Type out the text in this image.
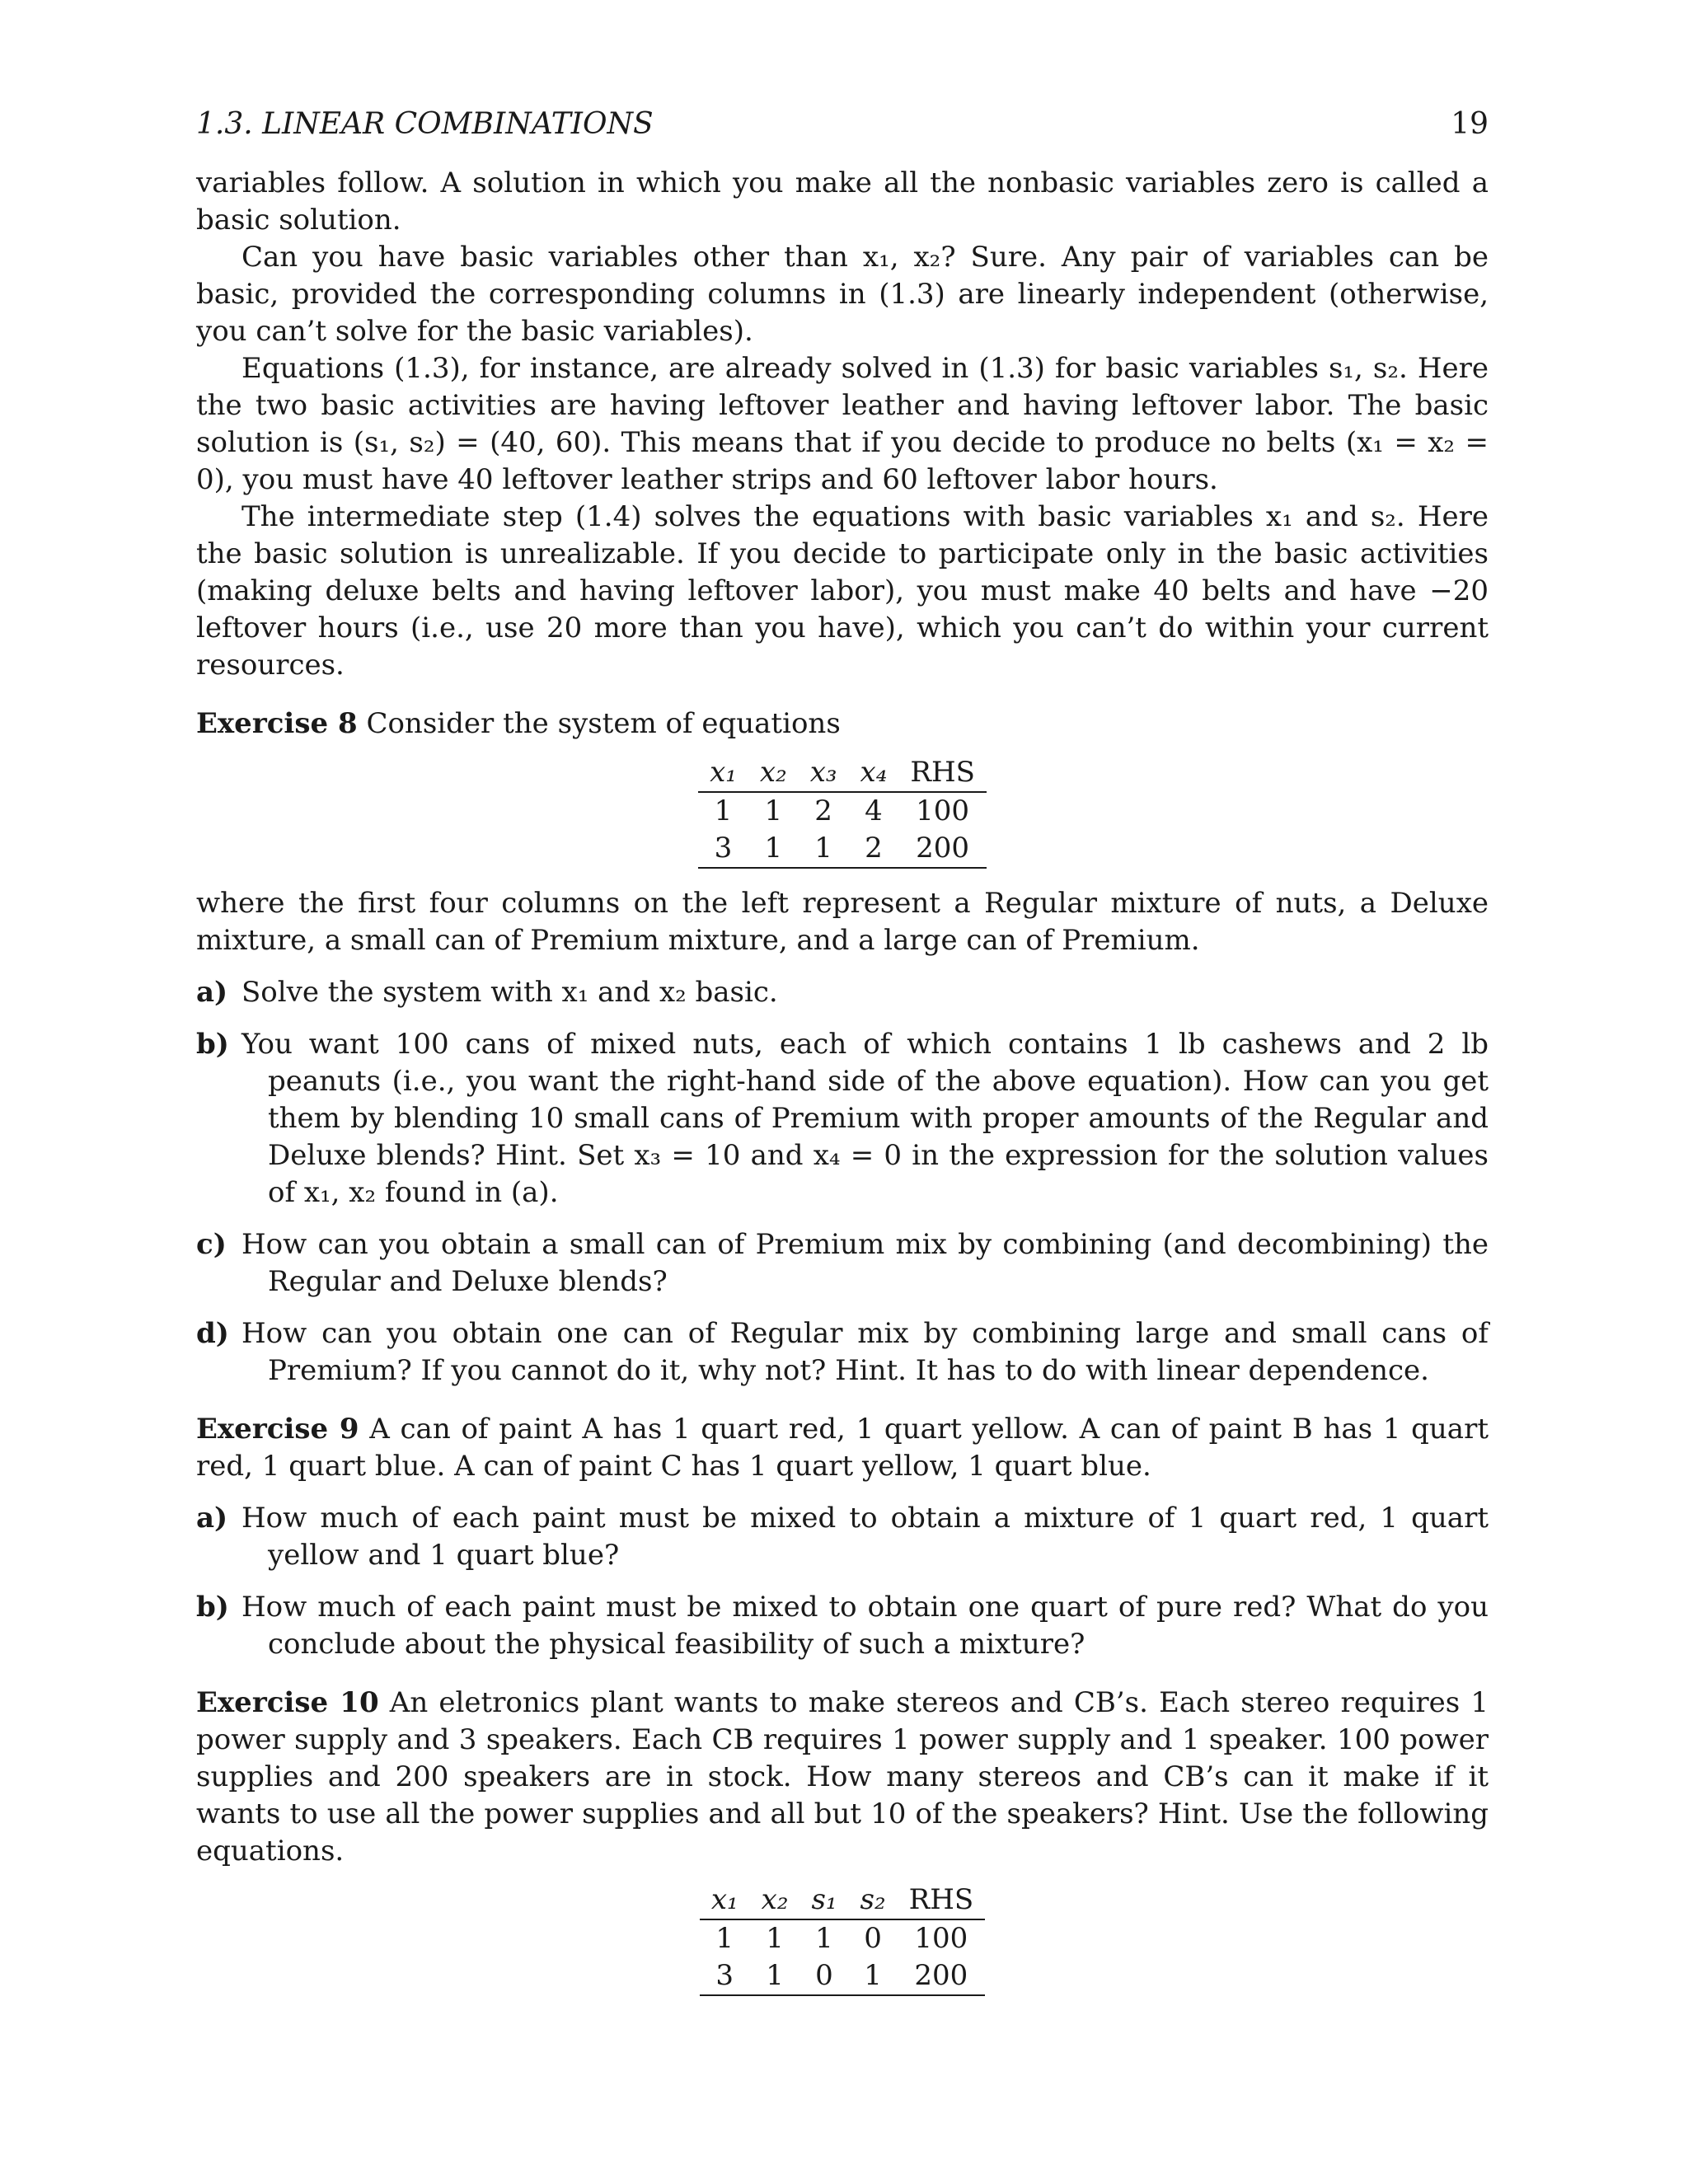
1.3. LINEAR COMBINATIONS	19

variables follow. A solution in which you make all the nonbasic variables zero is called a basic solution.

Can you have basic variables other than x₁, x₂? Sure. Any pair of variables can be basic, provided the corresponding columns in (1.3) are linearly independent (otherwise, you can’t solve for the basic variables).

Equations (1.3), for instance, are already solved in (1.3) for basic variables s₁, s₂. Here the two basic activities are having leftover leather and having leftover labor. The basic solution is (s₁, s₂) = (40, 60). This means that if you decide to produce no belts (x₁ = x₂ = 0), you must have 40 leftover leather strips and 60 leftover labor hours.

The intermediate step (1.4) solves the equations with basic variables x₁ and s₂. Here the basic solution is unrealizable. If you decide to participate only in the basic activities (making deluxe belts and having leftover labor), you must make 40 belts and have −20 leftover hours (i.e., use 20 more than you have), which you can’t do within your current resources.

Exercise 8 Consider the system of equations

x₁	x₂	x₃	x₄	RHS
1	1	2	4	100
3	1	1	2	200

where the first four columns on the left represent a Regular mixture of nuts, a Deluxe mixture, a small can of Premium mixture, and a large can of Premium.

a) Solve the system with x₁ and x₂ basic.
b) You want 100 cans of mixed nuts, each of which contains 1 lb cashews and 2 lb peanuts (i.e., you want the right-hand side of the above equation). How can you get them by blending 10 small cans of Premium with proper amounts of the Regular and Deluxe blends? Hint. Set x₃ = 10 and x₄ = 0 in the expression for the solution values of x₁, x₂ found in (a).
c) How can you obtain a small can of Premium mix by combining (and decombining) the Regular and Deluxe blends?
d) How can you obtain one can of Regular mix by combining large and small cans of Premium? If you cannot do it, why not? Hint. It has to do with linear dependence.

Exercise 9 A can of paint A has 1 quart red, 1 quart yellow. A can of paint B has 1 quart red, 1 quart blue. A can of paint C has 1 quart yellow, 1 quart blue.

a) How much of each paint must be mixed to obtain a mixture of 1 quart red, 1 quart yellow and 1 quart blue?
b) How much of each paint must be mixed to obtain one quart of pure red? What do you conclude about the physical feasibility of such a mixture?

Exercise 10 An eletronics plant wants to make stereos and CB’s. Each stereo requires 1 power supply and 3 speakers. Each CB requires 1 power supply and 1 speaker. 100 power supplies and 200 speakers are in stock. How many stereos and CB’s can it make if it wants to use all the power supplies and all but 10 of the speakers? Hint. Use the following equations.

x₁	x₂	s₁	s₂	RHS
1	1	1	0	100
3	1	0	1	200
